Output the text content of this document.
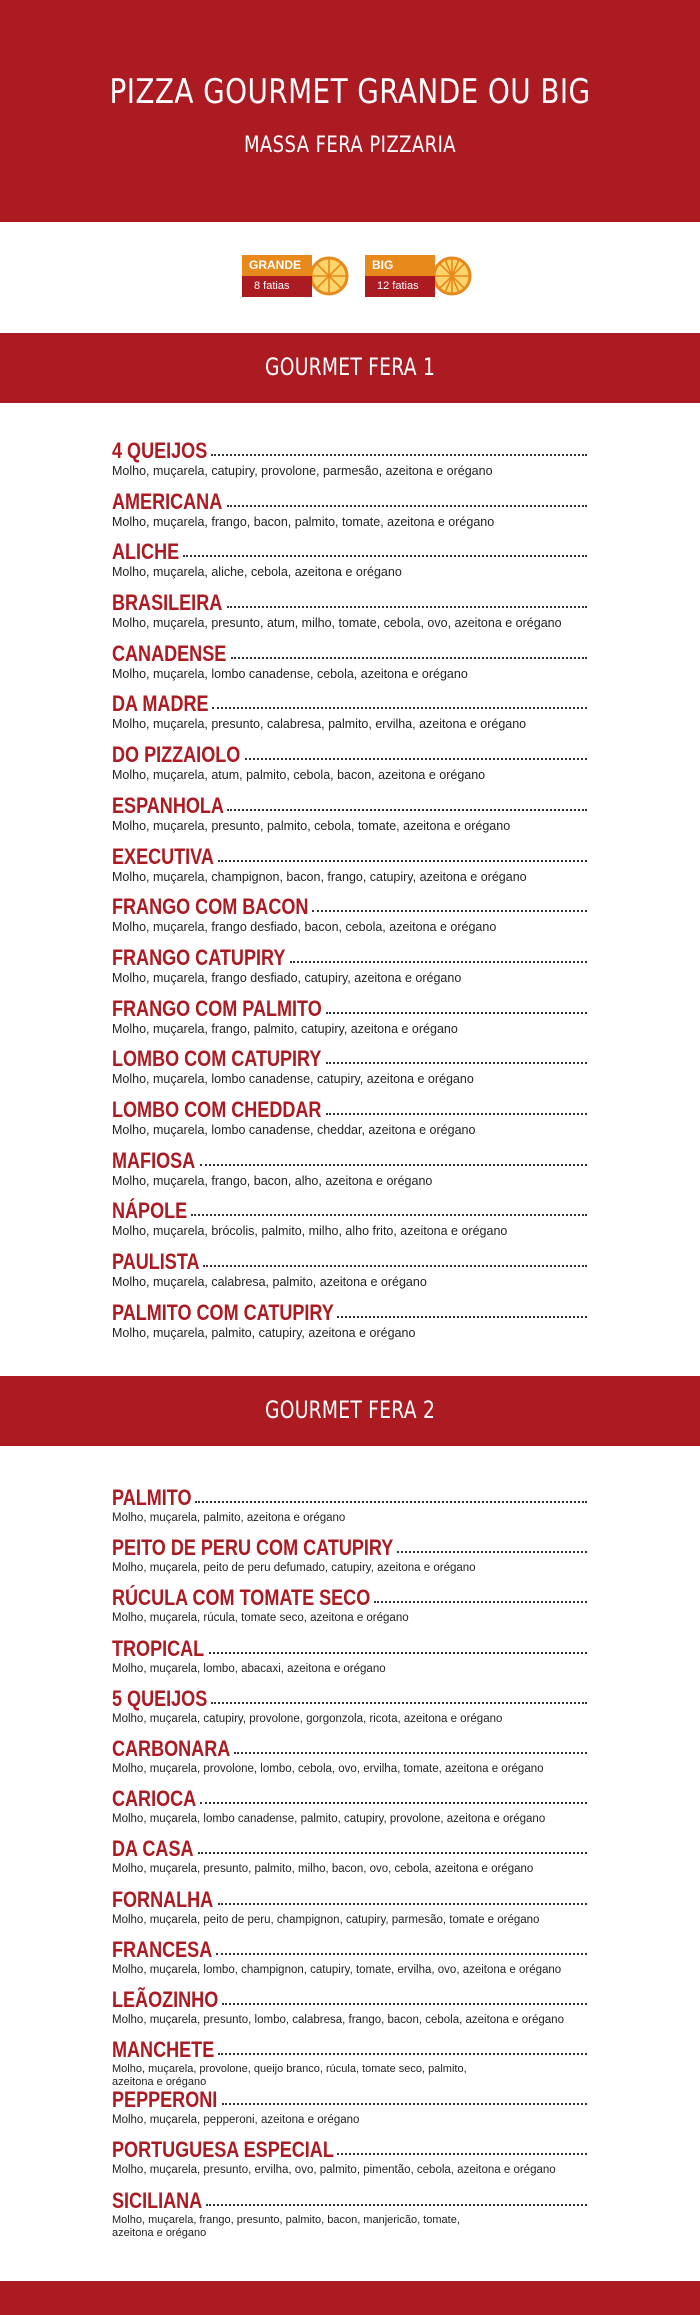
PIZZA GOURMET GRANDE OU BIG
MASSA FERA PIZZARIA
GRANDE
8 fatias
BIG
12 fatias
GOURMET FERA 1
4 QUEIJOS
Molho, muçarela, catupiry, provolone, parmesão, azeitona e orégano
AMERICANA
Molho, muçarela, frango, bacon, palmito, tomate, azeitona e orégano
ALICHE
Molho, muçarela, aliche, cebola, azeitona e orégano
BRASILEIRA
Molho, muçarela, presunto, atum, milho, tomate, cebola, ovo, azeitona e orégano
CANADENSE
Molho, muçarela, lombo canadense, cebola, azeitona e orégano
DA MADRE
Molho, muçarela, presunto, calabresa, palmito, ervilha, azeitona e orégano
DO PIZZAIOLO
Molho, muçarela, atum, palmito, cebola, bacon, azeitona e orégano
ESPANHOLA
Molho, muçarela, presunto, palmito, cebola, tomate, azeitona e orégano
EXECUTIVA
Molho, muçarela, champignon, bacon, frango, catupiry, azeitona e orégano
FRANGO COM BACON
Molho, muçarela, frango desfiado, bacon, cebola, azeitona e orégano
FRANGO CATUPIRY
Molho, muçarela, frango desfiado, catupiry, azeitona e orégano
FRANGO COM PALMITO
Molho, muçarela, frango, palmito, catupiry, azeitona e orégano
LOMBO COM CATUPIRY
Molho, muçarela, lombo canadense, catupiry, azeitona e orégano
LOMBO COM CHEDDAR
Molho, muçarela, lombo canadense, cheddar, azeitona e orégano
MAFIOSA
Molho, muçarela, frango, bacon, alho, azeitona e orégano
NÁPOLE
Molho, muçarela, brócolis, palmito, milho, alho frito, azeitona e orégano
PAULISTA
Molho, muçarela, calabresa, palmito, azeitona e orégano
PALMITO COM CATUPIRY
Molho, muçarela, palmito, catupiry, azeitona e orégano
GOURMET FERA 2
PALMITO
Molho, muçarela, palmito, azeitona e orégano
PEITO DE PERU COM CATUPIRY
Molho, muçarela, peito de peru defumado, catupiry, azeitona e orégano
RÚCULA COM TOMATE SECO
Molho, muçarela, rúcula, tomate seco, azeitona e orégano
TROPICAL
Molho, muçarela, lombo, abacaxi, azeitona e orégano
5 QUEIJOS
Molho, muçarela, catupiry, provolone, gorgonzola, ricota, azeitona e orégano
CARBONARA
Molho, muçarela, provolone, lombo, cebola, ovo, ervilha, tomate, azeitona e orégano
CARIOCA
Molho, muçarela, lombo canadense, palmito, catupiry, provolone, azeitona e orégano
DA CASA
Molho, muçarela, presunto, palmito, milho, bacon, ovo, cebola, azeitona e orégano
FORNALHA
Molho, muçarela, peito de peru, champignon, catupiry, parmesão, tomate e orégano
FRANCESA
Molho, muçarela, lombo, champignon, catupiry, tomate, ervilha, ovo, azeitona e orégano
LEÃOZINHO
Molho, muçarela, presunto, lombo, calabresa, frango, bacon, cebola, azeitona e orégano
MANCHETE
Molho, muçarela, provolone, queijo branco, rúcula, tomate seco, palmito, azeitona e orégano
PEPPERONI
Molho, muçarela, pepperoni, azeitona e orégano
PORTUGUESA ESPECIAL
Molho, muçarela, presunto, ervilha, ovo, palmito, pimentão, cebola, azeitona e orégano
SICILIANA
Molho, muçarela, frango, presunto, palmito, bacon, manjericão, tomate, azeitona e orégano
